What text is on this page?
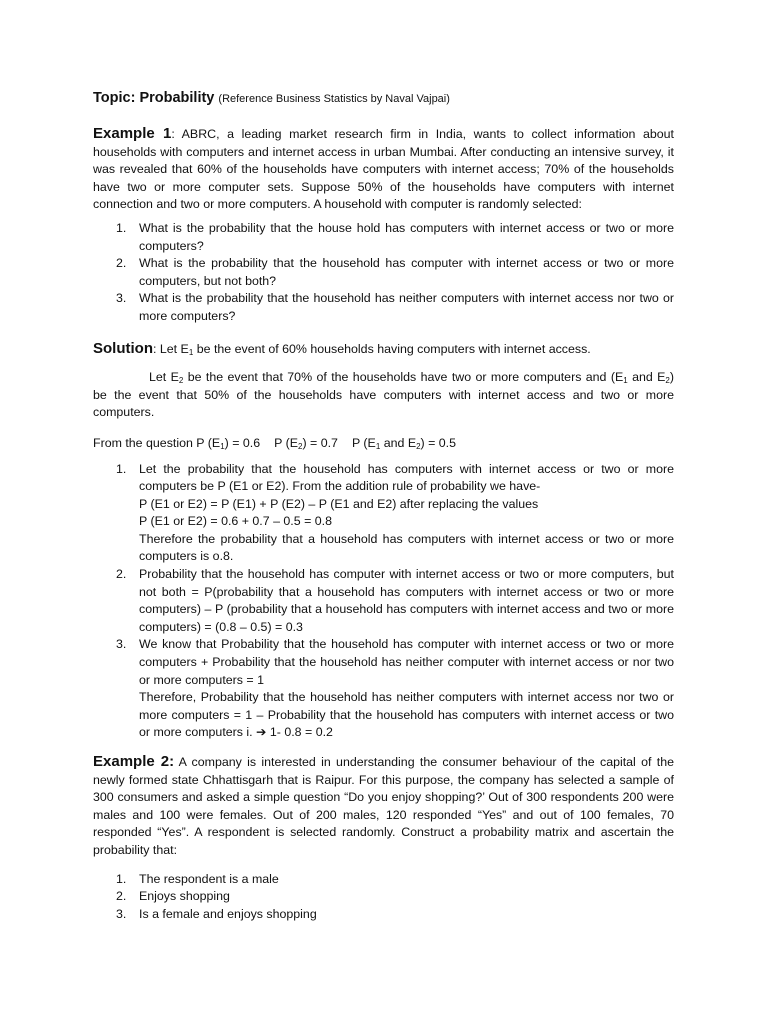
Topic: Probability (Reference Business Statistics by Naval Vajpai)

Example 1: ABRC, a leading market research firm in India, wants to collect information about households with computers and internet access in urban Mumbai. After conducting an intensive survey, it was revealed that 60% of the households have computers with internet access; 70% of the households have two or more computer sets. Suppose 50% of the households have computers with internet connection and two or more computers. A household with computer is randomly selected:

1. What is the probability that the house hold has computers with internet access or two or more computers?
2. What is the probability that the household has computer with internet access or two or more computers, but not both?
3. What is the probability that the household has neither computers with internet access nor two or more computers?

Solution: Let $E_1$ be the event of 60% households having computers with internet access.

Let $E_2$ be the event that 70% of the households have two or more computers and ($E_1$ and $E_2$) be the event that 50% of the households have computers with internet access and two or more computers.

From the question P $(E_1) = 0.6$ P $(E_2) = 0.7$ P ($E_1$ and $E_2) = 0.5$

1. Let the probability that the household has computers with internet access or two or more computers be P (E1 or E2). From the addition rule of probability we have-
P (E1 or E2) = P (E1) + P (E2) – P (E1 and E2) after replacing the values
P (E1 or E2) = 0.6 + 0.7 – 0.5 = 0.8
Therefore the probability that a household has computers with internet access or two or more computers is o.8.
2. Probability that the household has computer with internet access or two or more computers, but not both = P(probability that a household has computers with internet access or two or more computers) – P (probability that a household has computers with internet access and two or more computers) = (0.8 – 0.5) = 0.3
3. We know that Probability that the household has computer with internet access or two or more computers + Probability that the household has neither computer with internet access or nor two or more computers = 1
Therefore, Probability that the household has neither computers with internet access nor two or more computers = 1 – Probability that the household has computers with internet access or two or more computers i. ➔ 1- 0.8 = 0.2

Example 2: A company is interested in understanding the consumer behaviour of the capital of the newly formed state Chhattisgarh that is Raipur. For this purpose, the company has selected a sample of 300 consumers and asked a simple question “Do you enjoy shopping?’ Out of 300 respondents 200 were males and 100 were females. Out of 200 males, 120 responded “Yes” and out of 100 females, 70 responded “Yes”. A respondent is selected randomly. Construct a probability matrix and ascertain the probability that:

1. The respondent is a male
2. Enjoys shopping
3. Is a female and enjoys shopping
